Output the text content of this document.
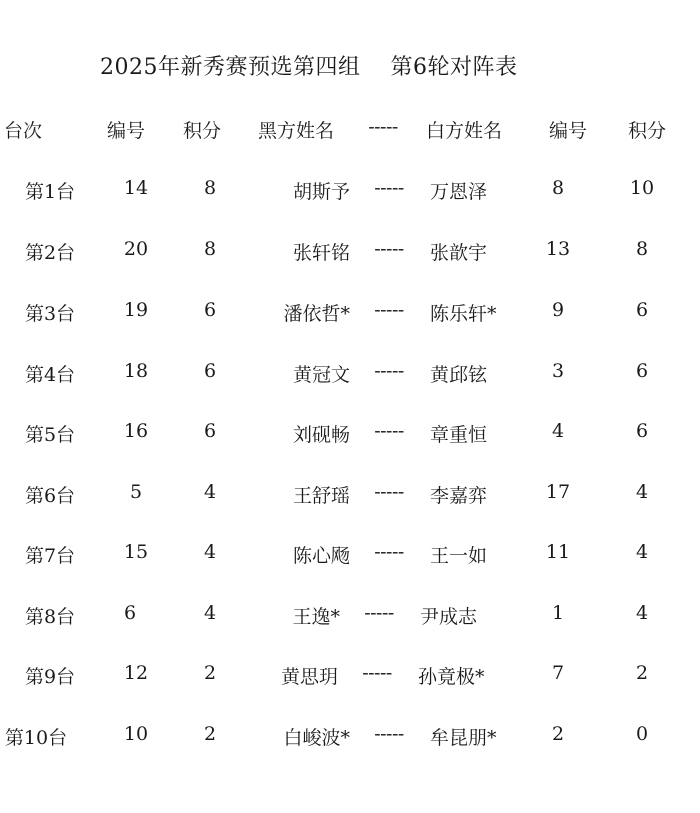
2025年新秀赛预选第四组    第6轮对阵表
台次	编号	积分	黑方姓名	-----	白方姓名	编号	积分
第1台	14	8	胡斯予	-----	万恩泽	8	10
第2台	20	8	张轩铭	-----	张歆宇	13	8
第3台	19	6	潘依哲*	-----	陈乐轩*	9	6
第4台	18	6	黄冠文	-----	黄邱铉	3	6
第5台	16	6	刘砚畅	-----	章重恒	4	6
第6台	5	4	王舒瑶	-----	李嘉弈	17	4
第7台	15	4	陈心飏	-----	王一如	11	4
第8台	6	4	王逸*	-----	尹成志	1	4
第9台	12	2	黄思玥	-----	孙竟极*	7	2
第10台	10	2	白峻波*	-----	牟昆朋*	2	0
